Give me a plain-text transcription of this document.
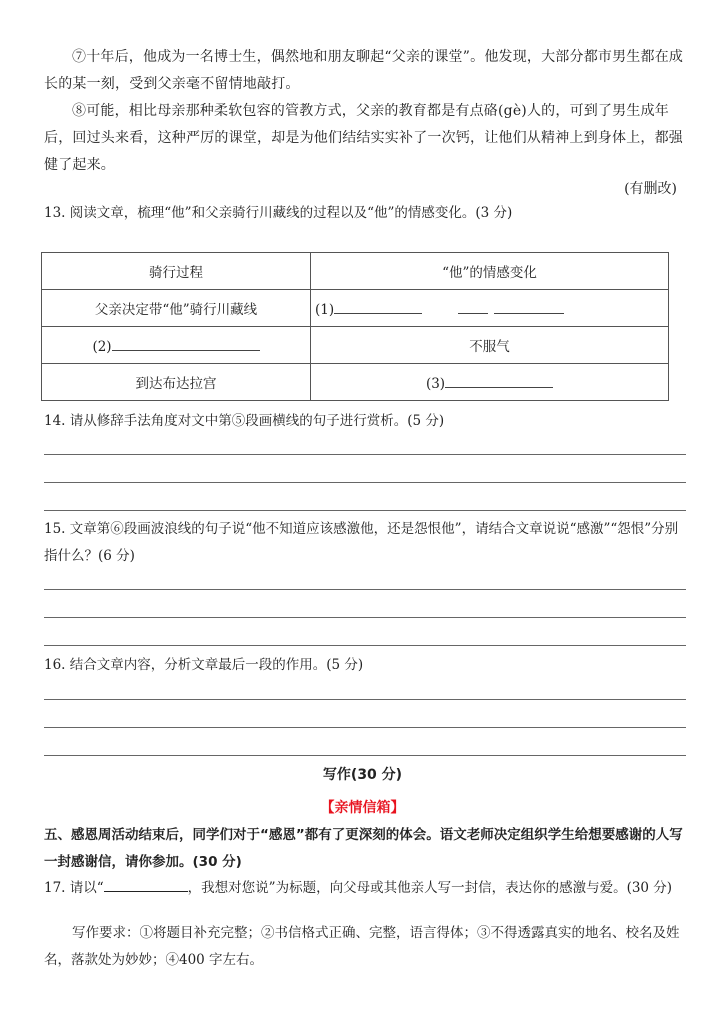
⑦十年后，他成为一名博士生，偶然地和朋友聊起“父亲的课堂”。他发现，大部分都市男生都在成长的某一刻，受到父亲毫不留情地敲打。

⑧可能，相比母亲那种柔软包容的管教方式，父亲的教育都是有点硌(gè)人的，可到了男生成年后，回过头来看，这种严厉的课堂，却是为他们结结实实补了一次钙，让他们从精神上到身体上，都强健了起来。

(有删改)
13. 阅读文章，梳理“他”和父亲骑行川藏线的过程以及“他”的情感变化。(3 分)
骑行过程	“他”的情感变化
父亲决定带“他”骑行川藏线	(1)
(2)	不服气
到达布达拉宫	(3)
14. 请从修辞手法角度对文中第⑤段画横线的句子进行赏析。(5 分)
15. 文章第⑥段画波浪线的句子说“他不知道应该感激他，还是怨恨他”，请结合文章说说“感激”“怨恨”分别指什么？(6 分)
16. 结合文章内容，分析文章最后一段的作用。(5 分)
写作(30 分)
【亲情信箱】
五、感恩周活动结束后，同学们对于“感恩”都有了更深刻的体会。语文老师决定组织学生给想要感谢的人写一封感谢信，请你参加。(30 分)
17. 请以“	，我想对您说”为标题，向父母或其他亲人写一封信，表达你的感激与爱。(30 分)
写作要求：①将题目补充完整；②书信格式正确、完整，语言得体；③不得透露真实的地名、校名及姓名，落款处为妙妙；④400 字左右。
